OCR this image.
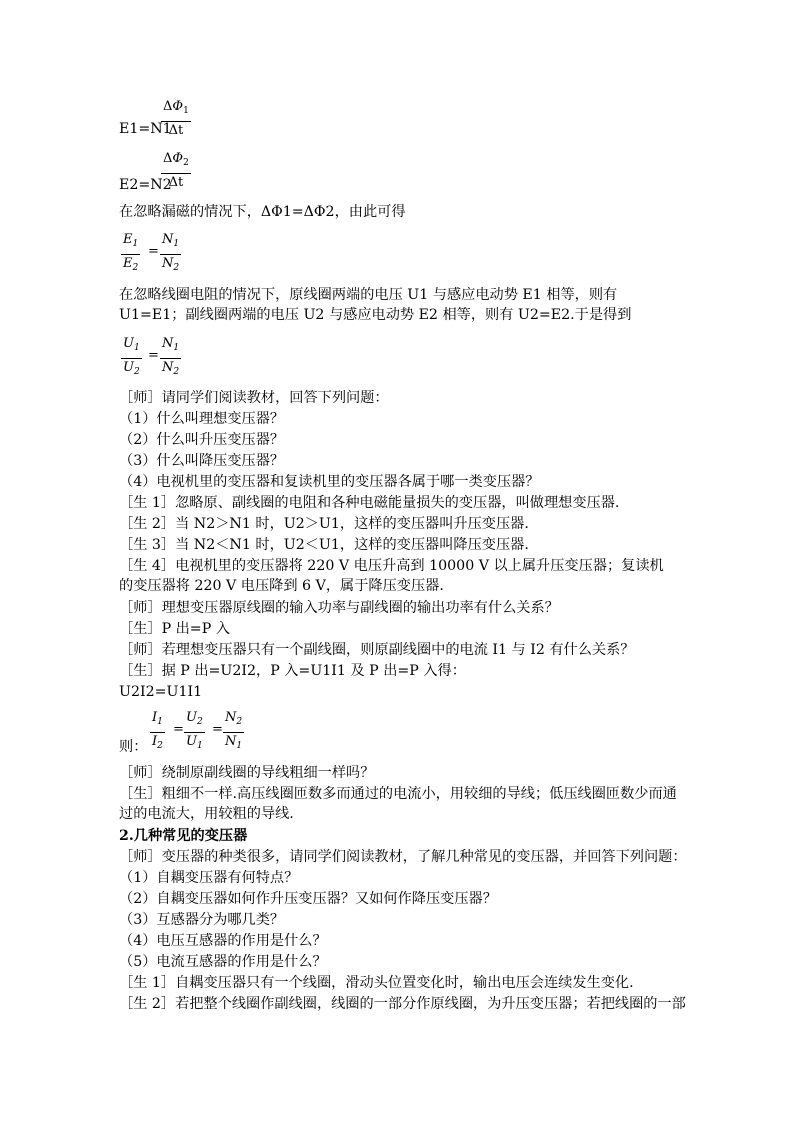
E1=N1
$\Delta\Phi_1$
Δt
E2=N2
$\Delta\Phi_2$
Δt
在忽略漏磁的情况下，ΔΦ1=ΔΦ2，由此可得
$E_1$
$E_2$
=
$N_1$
$N_2$
在忽略线圈电阻的情况下，原线圈两端的电压 U1 与感应电动势 E1 相等，则有 U1=E1；副线圈两端的电压 U2 与感应电动势 E2 相等，则有 U2=E2.于是得到
$U_1$
$U_2$
=
$N_1$
$N_2$
［师］请同学们阅读教材，回答下列问题：
（1）什么叫理想变压器？
（2）什么叫升压变压器？
（3）什么叫降压变压器？
（4）电视机里的变压器和复读机里的变压器各属于哪一类变压器？
［生 1］忽略原、副线圈的电阻和各种电磁能量损失的变压器，叫做理想变压器.
［生 2］当 N2＞N1 时，U2＞U1，这样的变压器叫升压变压器.
［生 3］当 N2＜N1 时，U2＜U1，这样的变压器叫降压变压器.
［生 4］电视机里的变压器将 220 V 电压升高到 10000 V 以上属升压变压器；复读机的变压器将 220 V 电压降到 6 V，属于降压变压器.
［师］理想变压器原线圈的输入功率与副线圈的输出功率有什么关系？
［生］P 出=P 入
［师］若理想变压器只有一个副线圈，则原副线圈中的电流 I1 与 I2 有什么关系？
［生］据 P 出=U2I2，P 入=U1I1 及 P 出=P 入得：
U2I2=U1I1
则：
$I_1$
$I_2$
=
$U_2$
$U_1$
=
$N_2$
$N_1$
［师］绕制原副线圈的导线粗细一样吗？
［生］粗细不一样.高压线圈匝数多而通过的电流小，用较细的导线；低压线圈匝数少而通过的电流大，用较粗的导线.
2.几种常见的变压器
［师］变压器的种类很多，请同学们阅读教材，了解几种常见的变压器，并回答下列问题：
（1）自耦变压器有何特点？
（2）自耦变压器如何作升压变压器？又如何作降压变压器？
（3）互感器分为哪几类？
（4）电压互感器的作用是什么？
（5）电流互感器的作用是什么？
［生 1］自耦变压器只有一个线圈，滑动头位置变化时，输出电压会连续发生变化.
［生 2］若把整个线圈作副线圈，线圈的一部分作原线圈，为升压变压器；若把线圈的一部
